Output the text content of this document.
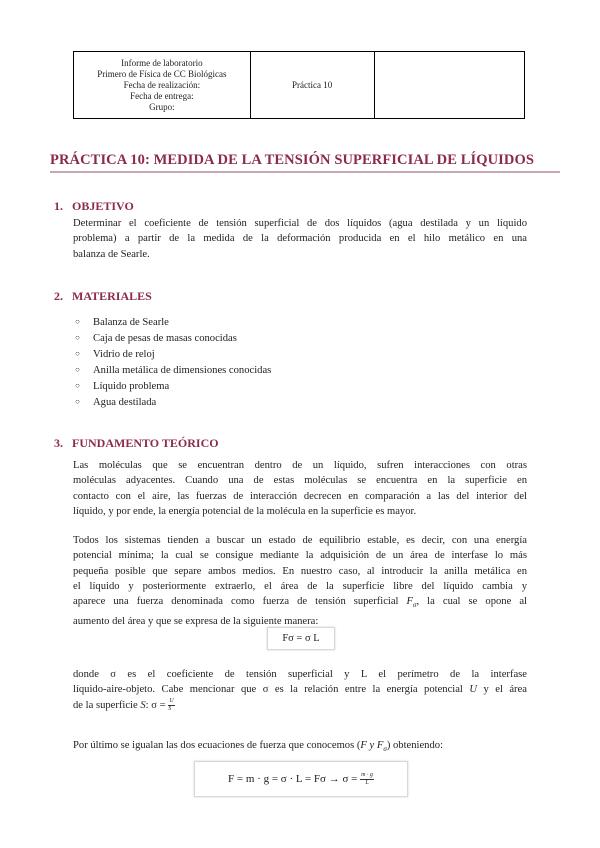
Informe de laboratorio
Primero de Física de CC Biológicas
Fecha de realización:
Fecha de entrega:
Grupo:
	Práctica 10	
PRÁCTICA 10: MEDIDA DE LA TENSIÓN SUPERFICIAL DE LÍQUIDOS
1. OBJETIVO
Determinar el coeficiente de tensión superficial de dos líquidos (agua destilada y un líquido
problema) a partir de la medida de la deformación producida en el hilo metálico en una
balanza de Searle.
2. MATERIALES
○ Balanza de Searle
○ Caja de pesas de masas conocidas
○ Vidrio de reloj
○ Anilla metálica de dimensiones conocidas
○ Líquido problema
○ Agua destilada
3. FUNDAMENTO TEÓRICO
Las moléculas que se encuentran dentro de un líquido, sufren interacciones con otras
moléculas adyacentes. Cuando una de estas moléculas se encuentra en la superficie en
contacto con el aire, las fuerzas de interacción decrecen en comparación a las del interior del
líquido, y por ende, la energía potencial de la molécula en la superficie es mayor.
Todos los sistemas tienden a buscar un estado de equilibrio estable, es decir, con una energía
potencial mínima; la cual se consigue mediante la adquisición de un área de interfase lo más
pequeña posible que separe ambos medios. En nuestro caso, al introducir la anilla metálica en
el líquido y posteriormente extraerlo, el área de la superficie libre del líquido cambia y
aparece una fuerza denominada como fuerza de tensión superficial $F_\sigma$, la cual se opone al
aumento del área y que se expresa de la siguiente manera:
Fσ = σ L
donde σ es el coeficiente de tensión superficial y L el perímetro de la interfase
líquido-aire-objeto. Cabe mencionar que σ es la relación entre la energía potencial U y el área
de la superficie S: $\sigma = \frac{U}{S}$
Por último se igualan las dos ecuaciones de fuerza que conocemos (F y $F_\sigma$) obteniendo:
$F = m \cdot g = \sigma \cdot L = F\sigma \to \sigma = \frac{m \cdot g}{L}$
